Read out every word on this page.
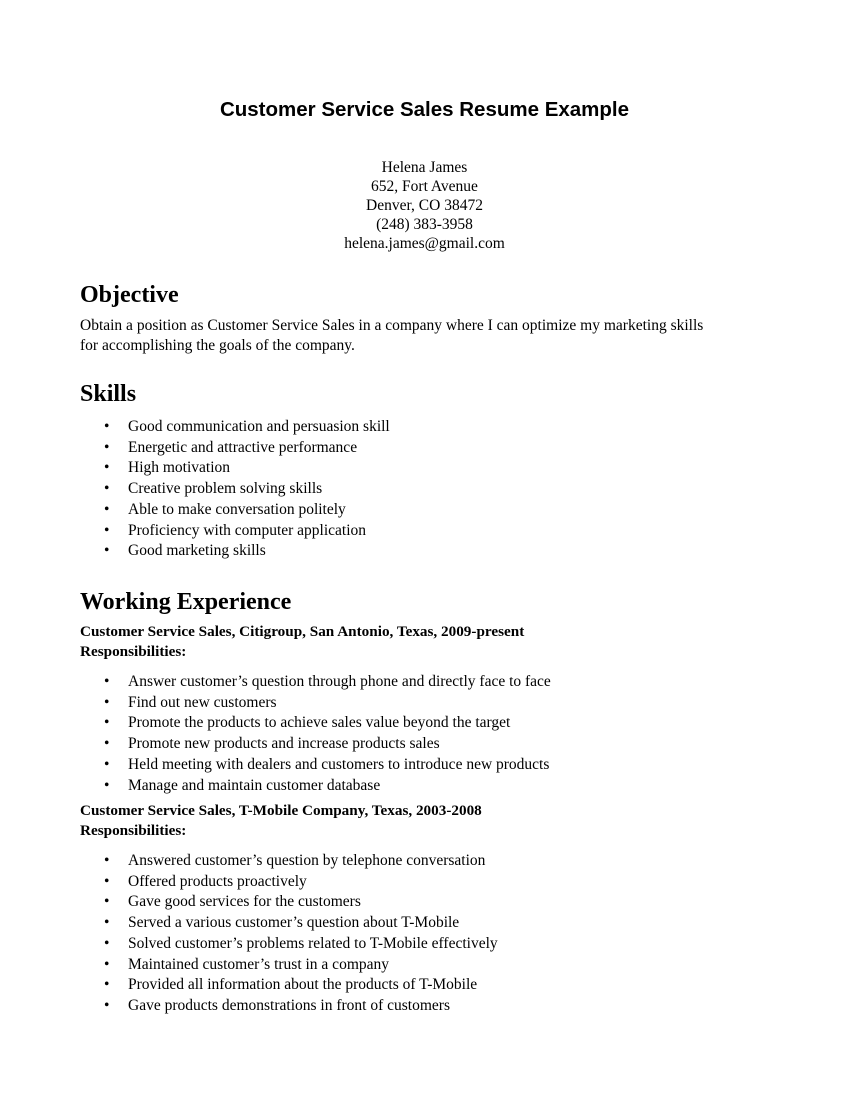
Customer Service Sales Resume Example
Helena James
652, Fort Avenue
Denver, CO 38472
(248) 383-3958
helena.james@gmail.com
Objective
Obtain a position as Customer Service Sales in a company where I can optimize my marketing skills
for accomplishing the goals of the company.
Skills
• Good communication and persuasion skill
• Energetic and attractive performance
• High motivation
• Creative problem solving skills
• Able to make conversation politely
• Proficiency with computer application
• Good marketing skills
Working Experience
Customer Service Sales, Citigroup, San Antonio, Texas, 2009-present
Responsibilities:
• Answer customer’s question through phone and directly face to face
• Find out new customers
• Promote the products to achieve sales value beyond the target
• Promote new products and increase products sales
• Held meeting with dealers and customers to introduce new products
• Manage and maintain customer database
Customer Service Sales, T-Mobile Company, Texas, 2003-2008
Responsibilities:
• Answered customer’s question by telephone conversation
• Offered products proactively
• Gave good services for the customers
• Served a various customer’s question about T-Mobile
• Solved customer’s problems related to T-Mobile effectively
• Maintained customer’s trust in a company
• Provided all information about the products of T-Mobile
• Gave products demonstrations in front of customers
